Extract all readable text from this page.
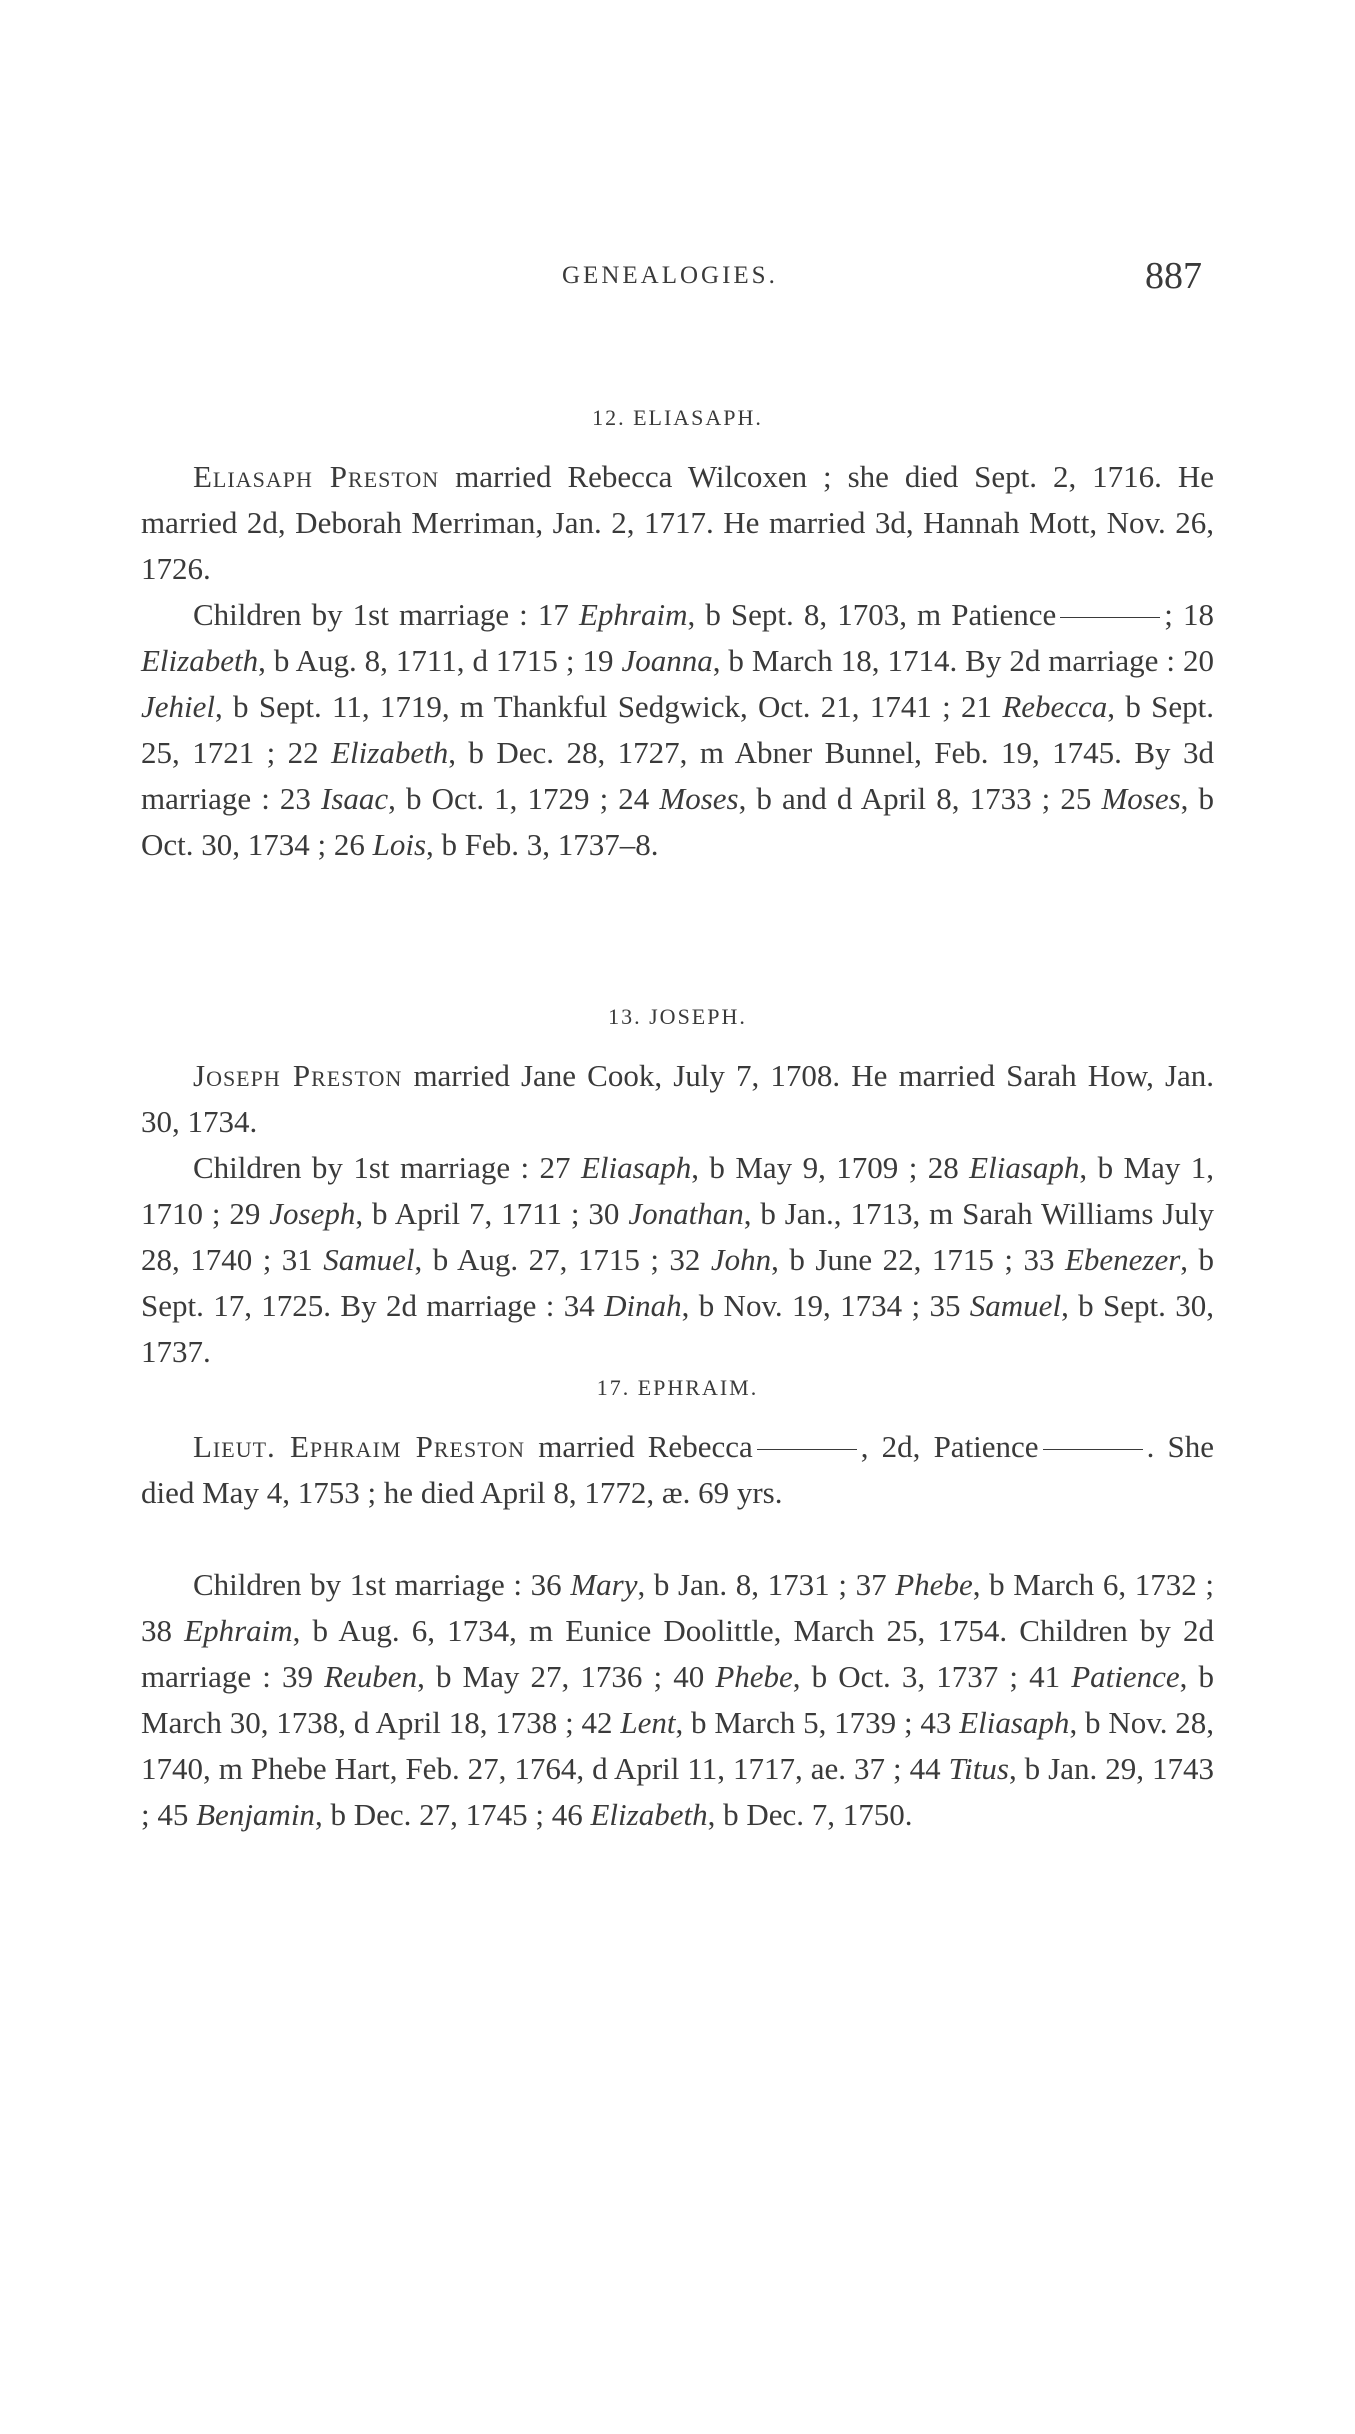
GENEALOGIES.	887
12. ELIASAPH.
Eliasaph Preston married Rebecca Wilcoxen ; she died Sept. 2, 1716. He married 2d, Deborah Merriman, Jan. 2, 1717. He married 3d, Hannah Mott, Nov. 26, 1726.
Children by 1st marriage : 17 Ephraim, b Sept. 8, 1703, m Patience	; 18 Elizabeth, b Aug. 8, 1711, d 1715 ; 19 Joanna, b March 18, 1714. By 2d marriage : 20 Jehiel, b Sept. 11, 1719, m Thankful Sedgwick, Oct. 21, 1741 ; 21 Rebecca, b Sept. 25, 1721 ; 22 Elizabeth, b Dec. 28, 1727, m Abner Bunnel, Feb. 19, 1745. By 3d marriage : 23 Isaac, b Oct. 1, 1729 ; 24 Moses, b and d April 8, 1733 ; 25 Moses, b Oct. 30, 1734 ; 26 Lois, b Feb. 3, 1737–8.
13. JOSEPH.
Joseph Preston married Jane Cook, July 7, 1708. He married Sarah How, Jan. 30, 1734.
Children by 1st marriage : 27 Eliasaph, b May 9, 1709 ; 28 Eliasaph, b May 1, 1710 ; 29 Joseph, b April 7, 1711 ; 30 Jonathan, b Jan., 1713, m Sarah Williams July 28, 1740 ; 31 Samuel, b Aug. 27, 1715 ; 32 John, b June 22, 1715 ; 33 Ebenezer, b Sept. 17, 1725. By 2d marriage : 34 Dinah, b Nov. 19, 1734 ; 35 Samuel, b Sept. 30, 1737.
17. EPHRAIM.
Lieut. Ephraim Preston married Rebecca	, 2d, Patience	. She died May 4, 1753 ; he died April 8, 1772, æ. 69 yrs.
Children by 1st marriage : 36 Mary, b Jan. 8, 1731 ; 37 Phebe, b March 6, 1732 ; 38 Ephraim, b Aug. 6, 1734, m Eunice Doolittle, March 25, 1754. Children by 2d marriage : 39 Reuben, b May 27, 1736 ; 40 Phebe, b Oct. 3, 1737 ; 41 Patience, b March 30, 1738, d April 18, 1738 ; 42 Lent, b March 5, 1739 ; 43 Eliasaph, b Nov. 28, 1740, m Phebe Hart, Feb. 27, 1764, d April 11, 1717, ae. 37 ; 44 Titus, b Jan. 29, 1743 ; 45 Benjamin, b Dec. 27, 1745 ; 46 Elizabeth, b Dec. 7, 1750.
